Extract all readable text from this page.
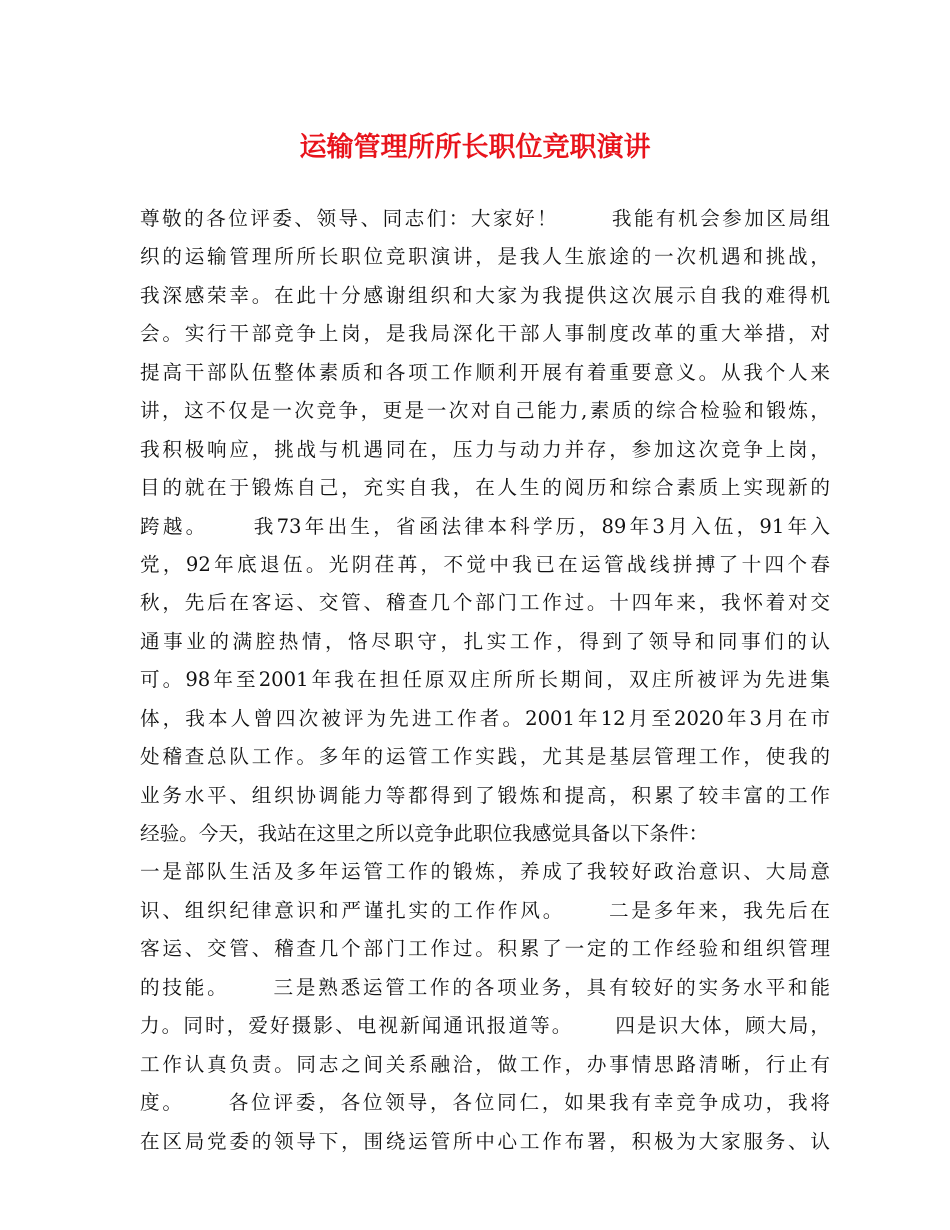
运输管理所所长职位竞职演讲
尊敬的各位评委、领导、同志们：大家好！　　 我能有机会参加区局组
织的运输管理所所长职位竞职演讲，是我人生旅途的一次机遇和挑战，
我深感荣幸。在此十分感谢组织和大家为我提供这次展示自我的难得机
会。实行干部竞争上岗，是我局深化干部人事制度改革的重大举措，对
提高干部队伍整体素质和各项工作顺利开展有着重要意义。从我个人来
讲，这不仅是一次竞争，更是一次对自己能力,素质的综合检验和锻炼，
我积极响应，挑战与机遇同在，压力与动力并存，参加这次竞争上岗，
目的就在于锻炼自己，充实自我，在人生的阅历和综合素质上实现新的
跨越。　　 我73年出生，省函法律本科学历，89年3月入伍，91年入
党，92年底退伍。光阴荏苒，不觉中我已在运管战线拼搏了十四个春
秋，先后在客运、交管、稽查几个部门工作过。十四年来，我怀着对交
通事业的满腔热情，恪尽职守，扎实工作，得到了领导和同事们的认
可。98年至2001年我在担任原双庄所所长期间，双庄所被评为先进集
体，我本人曾四次被评为先进工作者。2001年12月至2020年3月在市
处稽查总队工作。多年的运管工作实践，尤其是基层管理工作，使我的
业务水平、组织协调能力等都得到了锻炼和提高，积累了较丰富的工作
经验。今天，我站在这里之所以竞争此职位我感觉具备以下条件：
一是部队生活及多年运管工作的锻炼，养成了我较好政治意识、大局意
识、组织纪律意识和严谨扎实的工作作风。　　 二是多年来，我先后在
客运、交管、稽查几个部门工作过。积累了一定的工作经验和组织管理
的技能。　　 三是熟悉运管工作的各项业务，具有较好的实务水平和能
力。同时，爱好摄影、电视新闻通讯报道等。　　 四是识大体，顾大局，
工作认真负责。同志之间关系融洽，做工作，办事情思路清晰，行止有
度。　　 各位评委，各位领导，各位同仁，如果我有幸竞争成功，我将
在区局党委的领导下，围绕运管所中心工作布署，积极为大家服务、认
